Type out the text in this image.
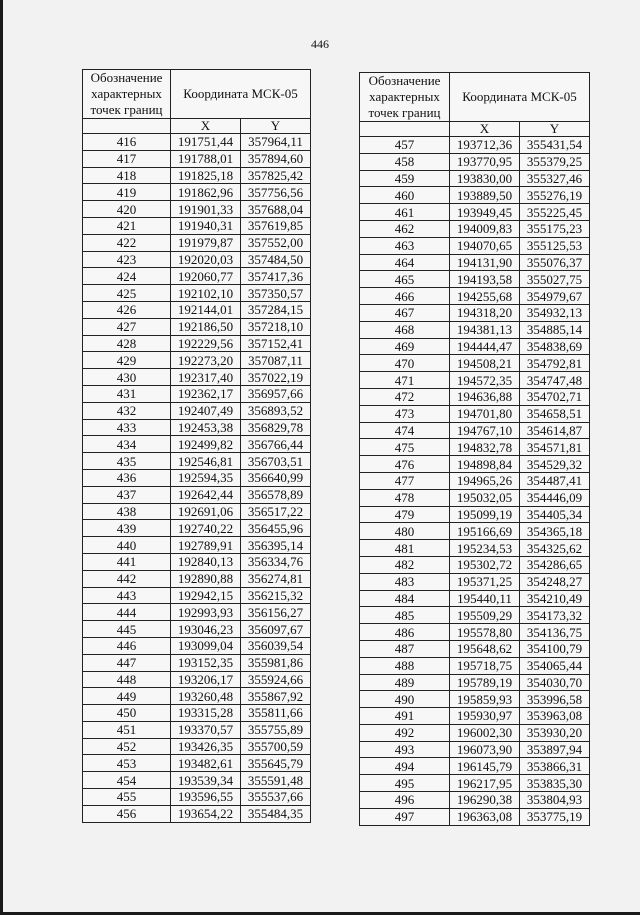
446
Обозначение характерных точек границ	Координата МСК-05	

	X	Y
416	191751,44	357964,11
417	191788,01	357894,60
418	191825,18	357825,42
419	191862,96	357756,56
420	191901,33	357688,04
421	191940,31	357619,85
422	191979,87	357552,00
423	192020,03	357484,50
424	192060,77	357417,36
425	192102,10	357350,57
426	192144,01	357284,15
427	192186,50	357218,10
428	192229,56	357152,41
429	192273,20	357087,11
430	192317,40	357022,19
431	192362,17	356957,66
432	192407,49	356893,52
433	192453,38	356829,78
434	192499,82	356766,44
435	192546,81	356703,51
436	192594,35	356640,99
437	192642,44	356578,89
438	192691,06	356517,22
439	192740,22	356455,96
440	192789,91	356395,14
441	192840,13	356334,76
442	192890,88	356274,81
443	192942,15	356215,32
444	192993,93	356156,27
445	193046,23	356097,67
446	193099,04	356039,54
447	193152,35	355981,86
448	193206,17	355924,66
449	193260,48	355867,92
450	193315,28	355811,66
451	193370,57	355755,89
452	193426,35	355700,59
453	193482,61	355645,79
454	193539,34	355591,48
455	193596,55	355537,66
456	193654,22	355484,35
Обозначение характерных точек границ	Координата МСК-05	

	X	Y
457	193712,36	355431,54
458	193770,95	355379,25
459	193830,00	355327,46
460	193889,50	355276,19
461	193949,45	355225,45
462	194009,83	355175,23
463	194070,65	355125,53
464	194131,90	355076,37
465	194193,58	355027,75
466	194255,68	354979,67
467	194318,20	354932,13
468	194381,13	354885,14
469	194444,47	354838,69
470	194508,21	354792,81
471	194572,35	354747,48
472	194636,88	354702,71
473	194701,80	354658,51
474	194767,10	354614,87
475	194832,78	354571,81
476	194898,84	354529,32
477	194965,26	354487,41
478	195032,05	354446,09
479	195099,19	354405,34
480	195166,69	354365,18
481	195234,53	354325,62
482	195302,72	354286,65
483	195371,25	354248,27
484	195440,11	354210,49
485	195509,29	354173,32
486	195578,80	354136,75
487	195648,62	354100,79
488	195718,75	354065,44
489	195789,19	354030,70
490	195859,93	353996,58
491	195930,97	353963,08
492	196002,30	353930,20
493	196073,90	353897,94
494	196145,79	353866,31
495	196217,95	353835,30
496	196290,38	353804,93
497	196363,08	353775,19
